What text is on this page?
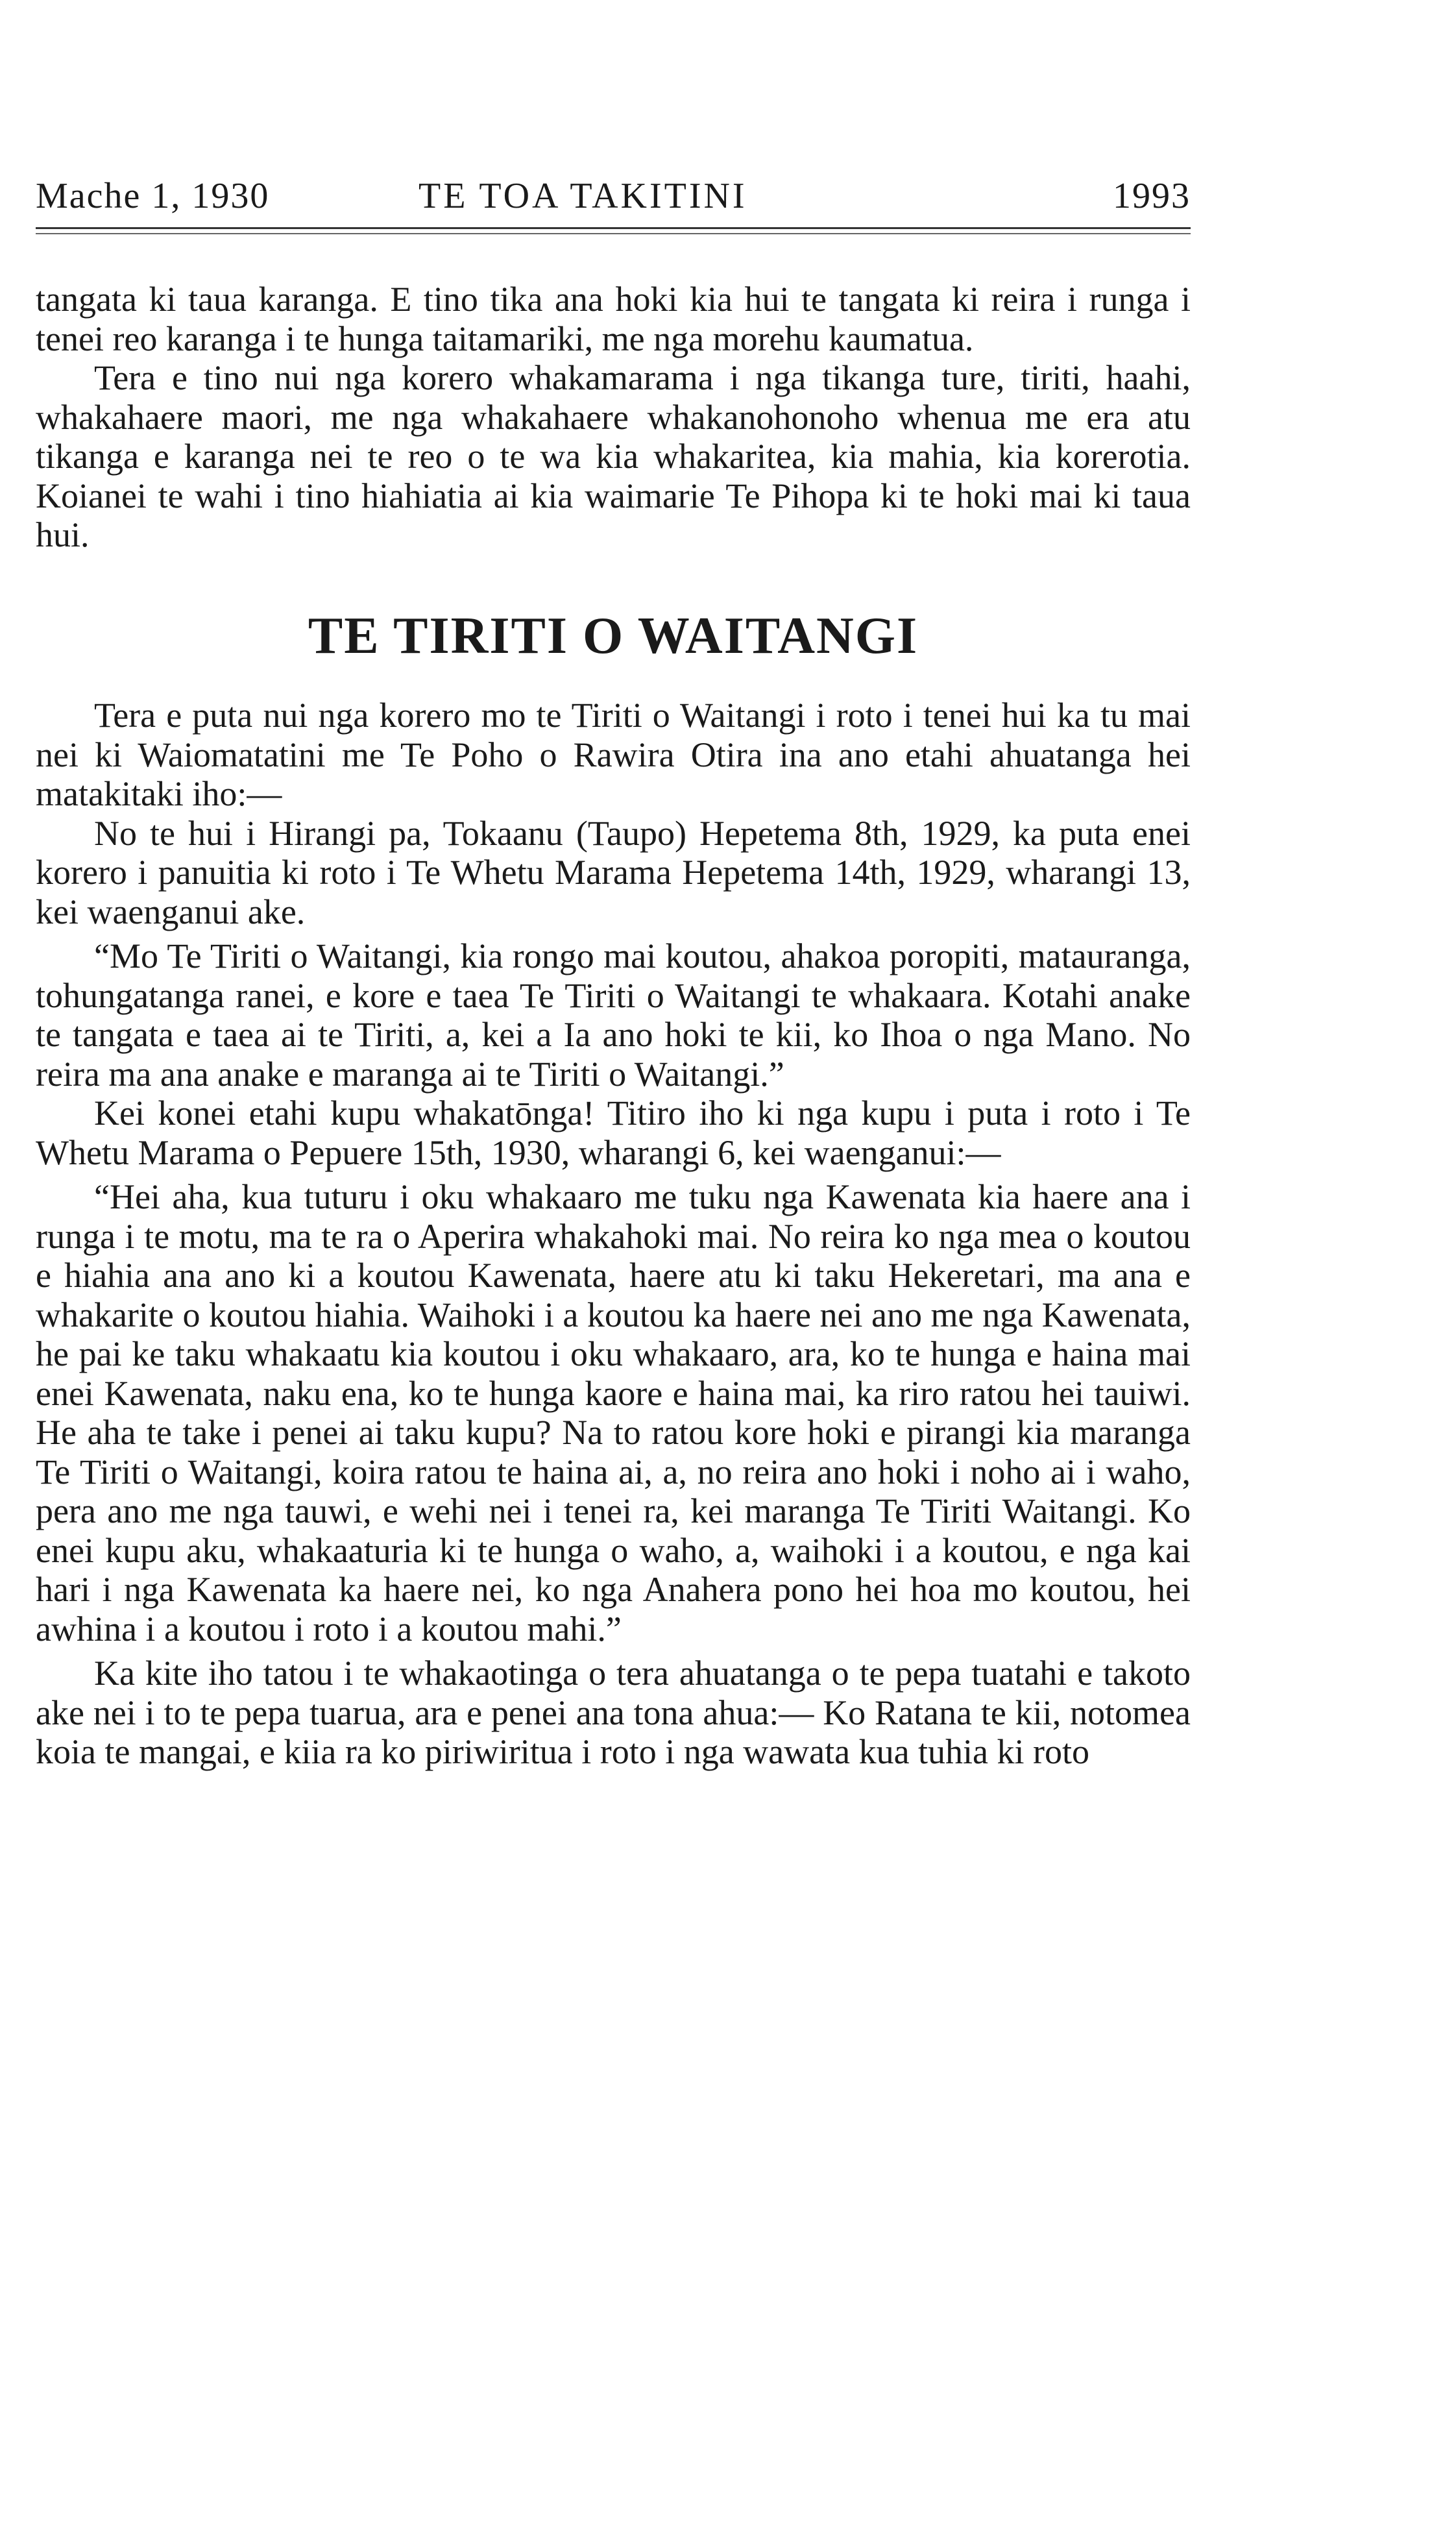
Mache 1, 1930	TE TOA TAKITINI	1993

tangata ki taua karanga. E tino tika ana hoki kia hui te tangata ki reira i runga i tenei reo karanga i te hunga taitamariki, me nga morehu kaumatua.

Tera e tino nui nga korero whakamarama i nga tikanga ture, tiriti, haahi, whakahaere maori, me nga whakahaere whakanohonoho whenua me era atu tikanga e karanga nei te reo o te wa kia whakaritea, kia mahia, kia korerotia. Koianei te wahi i tino hiahiatia ai kia waimarie Te Pihopa ki te hoki mai ki taua hui.

TE TIRITI O WAITANGI

Tera e puta nui nga korero mo te Tiriti o Waitangi i roto i tenei hui ka tu mai nei ki Waiomatatini me Te Poho o Rawira Otira ina ano etahi ahuatanga hei matakitaki iho:—

No te hui i Hirangi pa, Tokaanu (Taupo) Hepetema 8th, 1929, ka puta enei korero i panuitia ki roto i Te Whetu Marama Hepetema 14th, 1929, wharangi 13, kei waenganui ake.

“Mo Te Tiriti o Waitangi, kia rongo mai koutou, ahakoa poropiti, matauranga, tohungatanga ranei, e kore e taea Te Tiriti o Waitangi te whakaara. Kotahi anake te tangata e taea ai te Tiriti, a, kei a Ia ano hoki te kii, ko Ihoa o nga Mano. No reira ma ana anake e maranga ai te Tiriti o Waitangi.”

Kei konei etahi kupu whakatōnga! Titiro iho ki nga kupu i puta i roto i Te Whetu Marama o Pepuere 15th, 1930, wharangi 6, kei waenganui:—

“Hei aha, kua tuturu i oku whakaaro me tuku nga Kawenata kia haere ana i runga i te motu, ma te ra o Aperira whakahoki mai. No reira ko nga mea o koutou e hiahia ana ano ki a koutou Kawenata, haere atu ki taku Hekeretari, ma ana e whakarite o koutou hiahia. Waihoki i a koutou ka haere nei ano me nga Kawenata, he pai ke taku whakaatu kia koutou i oku whakaaro, ara, ko te hunga e haina mai enei Kawenata, naku ena, ko te hunga kaore e haina mai, ka riro ratou hei tauiwi. He aha te take i penei ai taku kupu? Na to ratou kore hoki e pirangi kia maranga Te Tiriti o Waitangi, koira ratou te haina ai, a, no reira ano hoki i noho ai i waho, pera ano me nga tauwi, e wehi nei i tenei ra, kei maranga Te Tiriti Waitangi. Ko enei kupu aku, whakaaturia ki te hunga o waho, a, waihoki i a koutou, e nga kai hari i nga Kawenata ka haere nei, ko nga Anahera pono hei hoa mo koutou, hei awhina i a koutou i roto i a koutou mahi.”

Ka kite iho tatou i te whakaotinga o tera ahuatanga o te pepa tuatahi e takoto ake nei i to te pepa tuarua, ara e penei ana tona ahua:— Ko Ratana te kii, notomea koia te mangai, e kiia ra ko piriwiritua i roto i nga wawata kua tuhia ki roto
